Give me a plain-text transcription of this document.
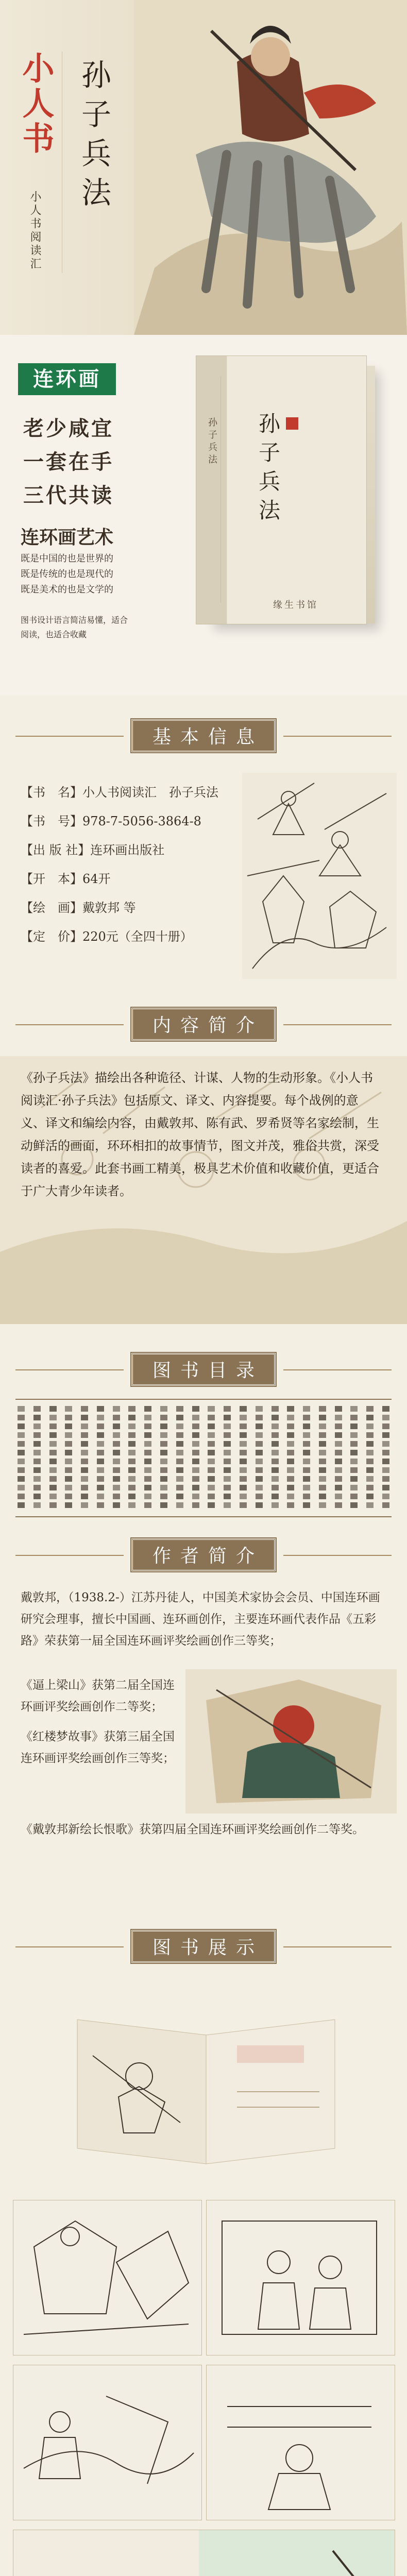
小人书
小人书阅读汇
孙子兵法
连环画
老少咸宜
一套在手
三代共读
连环画艺术
既是中国的也是世界的
既是传统的也是现代的
既是美术的也是文学的
图书设计语言简洁易懂，适合阅读，也适合收藏
孙子兵法 孙子兵法
缘生书馆
基本信息
【书　名】小人书阅读汇　孙子兵法
【书　号】978-7-5056-3864-8
【出 版 社】连环画出版社
【开　本】64开
【绘　画】戴敦邦 等
【定　价】220元（全四十册）
内容简介
《孙子兵法》描绘出各种诡径、计谋、人物的生动形象。《小人书阅读汇·孙子兵法》包括原文、译文、内容提要。每个战例的意义、译文和编绘内容，由戴敦邦、陈有武、罗希贤等名家绘制，生动鲜活的画面，环环相扣的故事情节，图文并茂，雅俗共赏，深受读者的喜爱。此套书画工精美，极具艺术价值和收藏价值，更适合于广大青少年读者。
图书目录
作者简介
戴敦邦，（1938.2-）江苏丹徒人，中国美术家协会会员、中国连环画研究会理事，擅长中国画、连环画创作，主要连环画代表作品《五彩路》荣获第一届全国连环画评奖绘画创作三等奖；
《逼上梁山》获第二届全国连环画评奖绘画创作二等奖；
《红楼梦故事》获第三届全国连环画评奖绘画创作三等奖；
《戴敦邦新绘长恨歌》获第四届全国连环画评奖绘画创作二等奖。
图书展示
